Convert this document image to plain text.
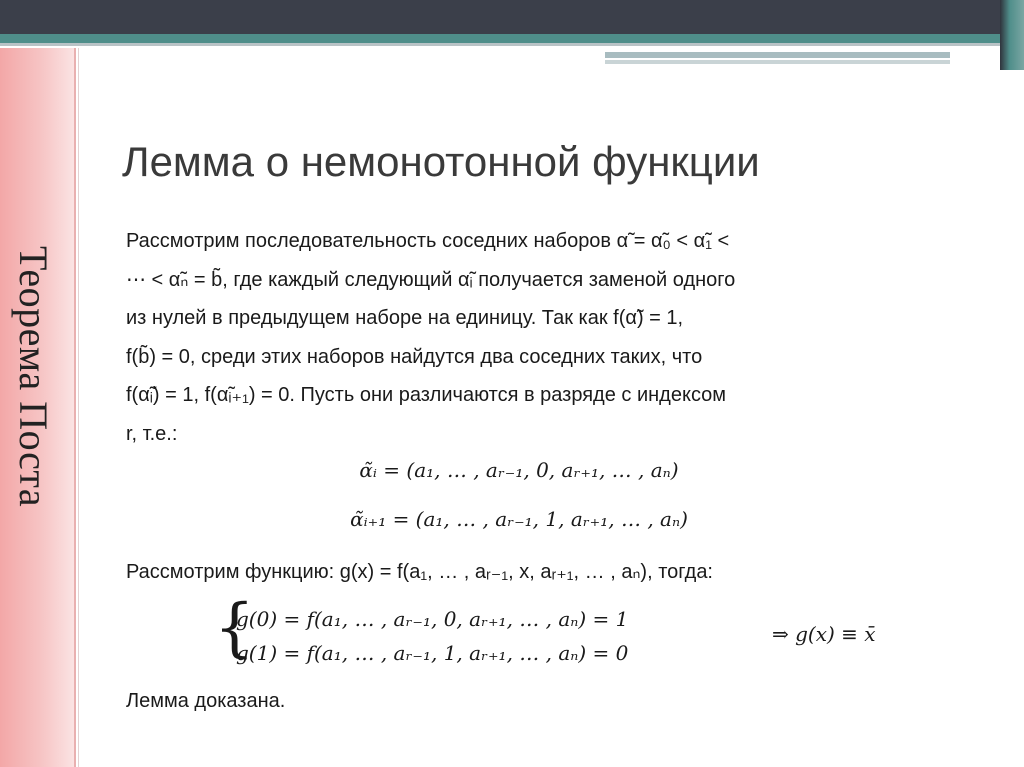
Теорема Поста
Лемма о немонотонной функции

Рассмотрим последовательность соседних наборов α̃ = α̃₀ < α̃₁ <

⋯ < α̃ₙ = b̃, где каждый следующий α̃ᵢ получается заменой одного

из нулей в предыдущем наборе на единицу. Так как f(α̃) = 1,

f(b̃) = 0, среди этих наборов найдутся два соседних таких, что

f(α̃ᵢ) = 1, f(α̃ᵢ₊₁) = 0. Пусть они различаются в разряде с индексом

r, т.е.:

α̃ᵢ = (a₁, … , aᵣ₋₁, 0, aᵣ₊₁, … , aₙ)
α̃ᵢ₊₁ = (a₁, … , aᵣ₋₁, 1, aᵣ₊₁, … , aₙ)
Рассмотрим функцию: g(x) = f(a₁, … , aᵣ₋₁, x, aᵣ₊₁, … , aₙ), тогда:
{
g(0) = f(a₁, … , aᵣ₋₁, 0, aᵣ₊₁, … , aₙ) = 1
g(1) = f(a₁, … , aᵣ₋₁, 1, aᵣ₊₁, … , aₙ) = 0
⇒ g(x) ≡ x̄
Лемма доказана.
